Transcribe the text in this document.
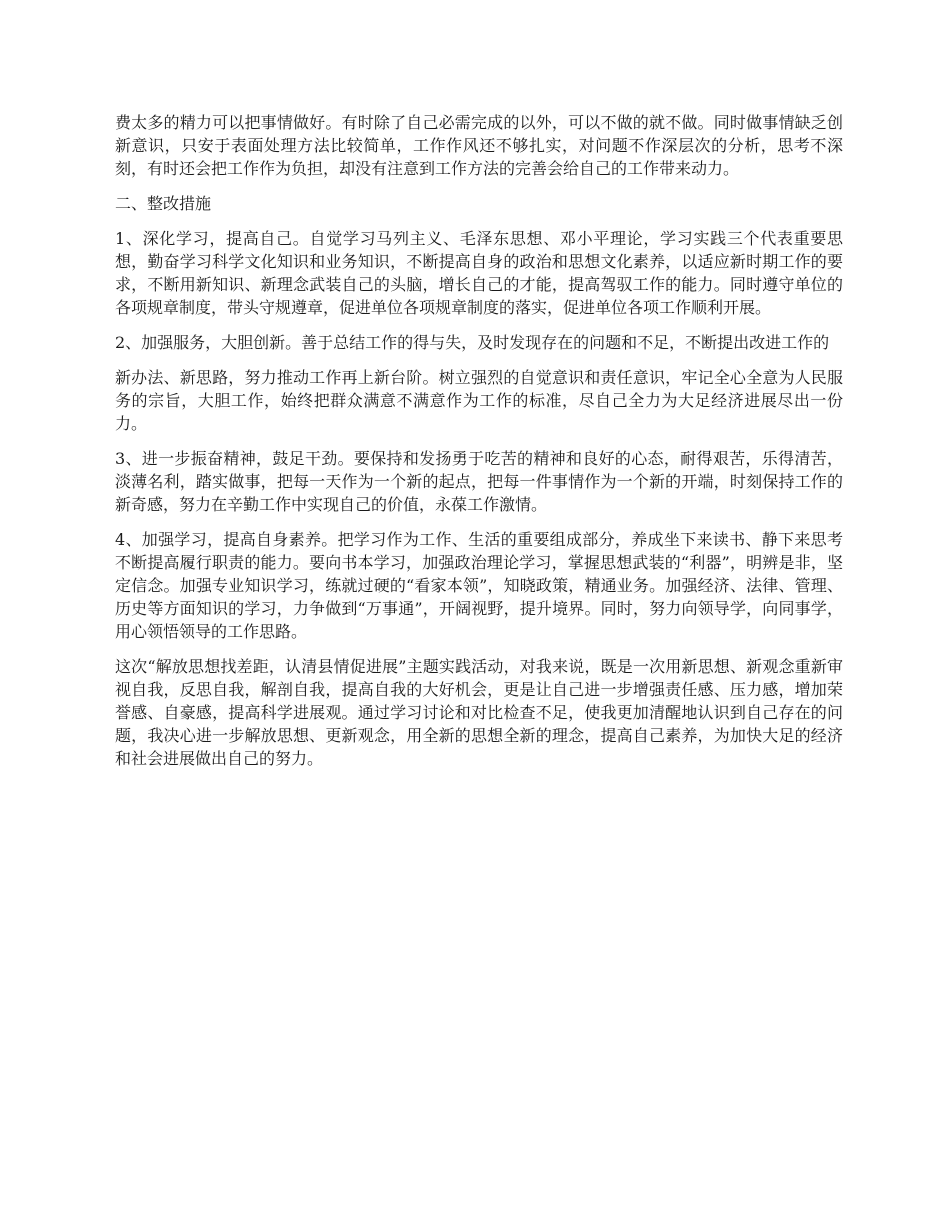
费太多的精力可以把事情做好。有时除了自己必需完成的以外，可以不做的就不做。同时做事情缺乏创新意识，只安于表面处理方法比较简单，工作作风还不够扎实，对问题不作深层次的分析，思考不深刻，有时还会把工作作为负担，却没有注意到工作方法的完善会给自己的工作带来动力。

二、整改措施

1、深化学习，提高自己。自觉学习马列主义、毛泽东思想、邓小平理论，学习实践三个代表重要思想，勤奋学习科学文化知识和业务知识，不断提高自身的政治和思想文化素养，以适应新时期工作的要求，不断用新知识、新理念武装自己的头脑，增长自己的才能，提高驾驭工作的能力。同时遵守单位的各项规章制度，带头守规遵章，促进单位各项规章制度的落实，促进单位各项工作顺利开展。

2、加强服务，大胆创新。善于总结工作的得与失，及时发现存在的问题和不足，不断提出改进工作的

新办法、新思路，努力推动工作再上新台阶。树立强烈的自觉意识和责任意识，牢记全心全意为人民服务的宗旨，大胆工作，始终把群众满意不满意作为工作的标准，尽自己全力为大足经济进展尽出一份力。

3、进一步振奋精神，鼓足干劲。要保持和发扬勇于吃苦的精神和良好的心态，耐得艰苦，乐得清苦，淡薄名利，踏实做事，把每一天作为一个新的起点，把每一件事情作为一个新的开端，时刻保持工作的新奇感，努力在辛勤工作中实现自己的价值，永葆工作激情。

4、加强学习，提高自身素养。把学习作为工作、生活的重要组成部分，养成坐下来读书、静下来思考不断提高履行职责的能力。要向书本学习，加强政治理论学习，掌握思想武装的“利器”，明辨是非，坚定信念。加强专业知识学习，练就过硬的“看家本领”，知晓政策，精通业务。加强经济、法律、管理、历史等方面知识的学习，力争做到“万事通”，开阔视野，提升境界。同时，努力向领导学，向同事学，用心领悟领导的工作思路。

这次“解放思想找差距，认清县情促进展”主题实践活动，对我来说，既是一次用新思想、新观念重新审视自我，反思自我，解剖自我，提高自我的大好机会，更是让自己进一步增强责任感、压力感，增加荣誉感、自豪感，提高科学进展观。通过学习讨论和对比检查不足，使我更加清醒地认识到自己存在的问题，我决心进一步解放思想、更新观念，用全新的思想全新的理念，提高自己素养，为加快大足的经济和社会进展做出自己的努力。
